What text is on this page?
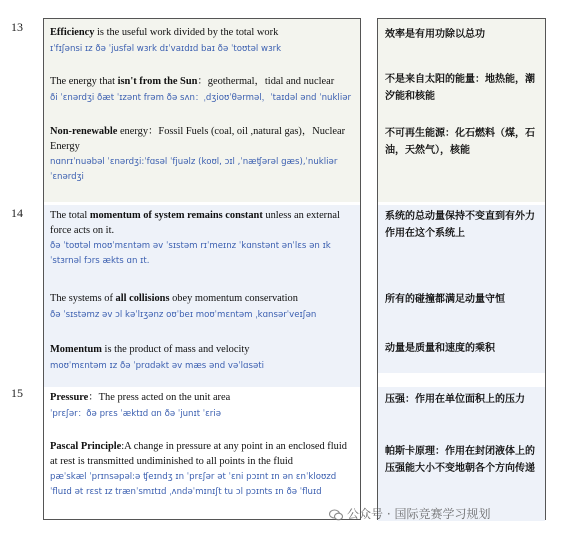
13
14
15
Efficiency is the useful work divided by the total work
ɪˈfɪʃənsi ɪz ðə ˈjusfəl wɜrk dɪˈvaɪdɪd baɪ ðə ˈtoʊtəl wɜrk
The energy that isn't from the Sun：geothermal，tidal and nuclear
ði ˈɛnərdʒi ðæt ˈɪzənt frəm ðə sʌn：ˌdʒioʊˈθərməl，ˈtaɪdəl ənd ˈnukliər
Non-renewable energy：Fossil Fuels (coal, oil ,natural gas)，Nuclear Energy
nɑnrɪˈnuəbəl ˈɛnərdʒi:ˈfɑsəl ˈfjuəlz (koʊl, ɔɪl ,ˈnæʧərəl gæs),ˈnukliər ˈɛnərdʒi
The total momentum of system remains constant unless an external force acts on it.
ðə ˈtoʊtəl moʊˈmɛntəm əv ˈsɪstəm rɪˈmeɪnz ˈkɑnstənt ənˈlɛs ən ɪkˈstɜrnəl fɔrs ækts ɑn ɪt.
The systems of all collisions obey momentum conservation
ðə ˈsɪstəmz əv ɔl kəˈlɪʒənz oʊˈbeɪ moʊˈmɛntəm ˌkɑnsərˈveɪʃən
Momentum is the product of mass and velocity
moʊˈmɛntəm ɪz ðə ˈprɑdəkt əv mæs ənd vəˈlɑsəti
Pressure：The press acted on the unit area
ˈprɛʃər：ðə prɛs ˈæktɪd ɑn ðə ˈjunɪt ˈɛriə
Pascal Principle:A change in pressure at any point in an enclosed fluid at rest is transmitted undiminished to all points in the fluid
pæˈskæl ˈprɪnsəpəl:ə ʧeɪndʒ ɪn ˈprɛʃər ət ˈɛni pɔɪnt ɪn ən ɛnˈkloʊzd ˈfluɪd ət rɛst ɪz trænˈsmɪtɪd ˌʌndəˈmɪnɪʃt tu ɔl pɔɪnts ɪn ðə ˈfluɪd
效率是有用功除以总功
不是来自太阳的能量：地热能，潮汐能和核能
不可再生能源：化石燃料（煤，石油，天然气），核能
系统的总动量保持不变直到有外力作用在这个系统上
所有的碰撞都满足动量守恒
动量是质量和速度的乘积
压强：作用在单位面积上的压力
帕斯卡原理：作用在封闭液体上的压强能大小不变地朝各个方向传递
公众号 · 国际竞赛学习规划
